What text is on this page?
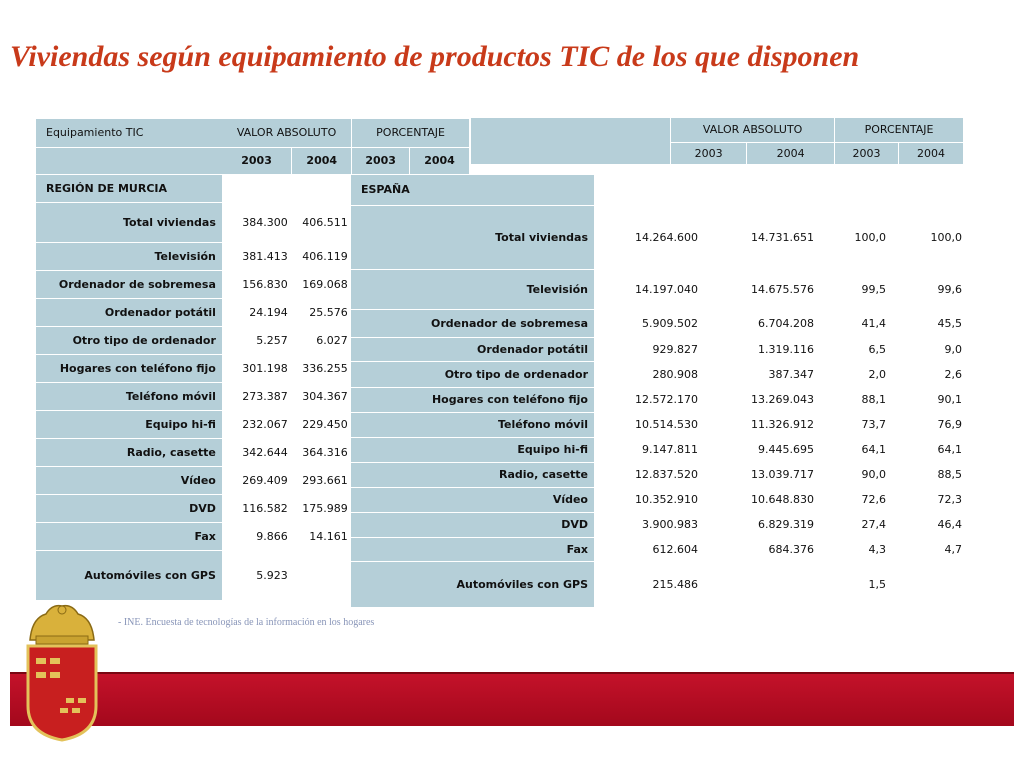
Viviendas según equipamiento de productos TIC de los que disponen
Equipamiento TIC	VALOR ABSOLUTO		PORCENTAJE	
	2003	2004	2003	2004
REGIÓN DE MURCIA				
Total viviendas	384.300	406.511		
Televisión	381.413	406.119		
Ordenador de sobremesa	156.830	169.068		
Ordenador potátil	24.194	25.576		
Otro tipo de ordenador	5.257	6.027		
Hogares con teléfono fijo	301.198	336.255		
Teléfono móvil	273.387	304.367		
Equipo hi-fi	232.067	229.450		
Radio, casette	342.644	364.316		
Vídeo	269.409	293.661		
DVD	116.582	175.989		
Fax	9.866	14.161		
Automóviles con GPS	5.923			
	VALOR ABSOLUTO		PORCENTAJE	
	2003	2004	2003	2004
ESPAÑA				
Total viviendas	14.264.600	14.731.651	100,0	100,0
Televisión	14.197.040	14.675.576	99,5	99,6
Ordenador de sobremesa	5.909.502	6.704.208	41,4	45,5
Ordenador potátil	929.827	1.319.116	6,5	9,0
Otro tipo de ordenador	280.908	387.347	2,0	2,6
Hogares con teléfono fijo	12.572.170	13.269.043	88,1	90,1
Teléfono móvil	10.514.530	11.326.912	73,7	76,9
Equipo hi-fi	9.147.811	9.445.695	64,1	64,1
Radio, casette	12.837.520	13.039.717	90,0	88,5
Vídeo	10.352.910	10.648.830	72,6	72,3
DVD	3.900.983	6.829.319	27,4	46,4
Fax	612.604	684.376	4,3	4,7
Automóviles con GPS	215.486		1,5	
- INE. Encuesta de tecnologías de la información en los hogares
